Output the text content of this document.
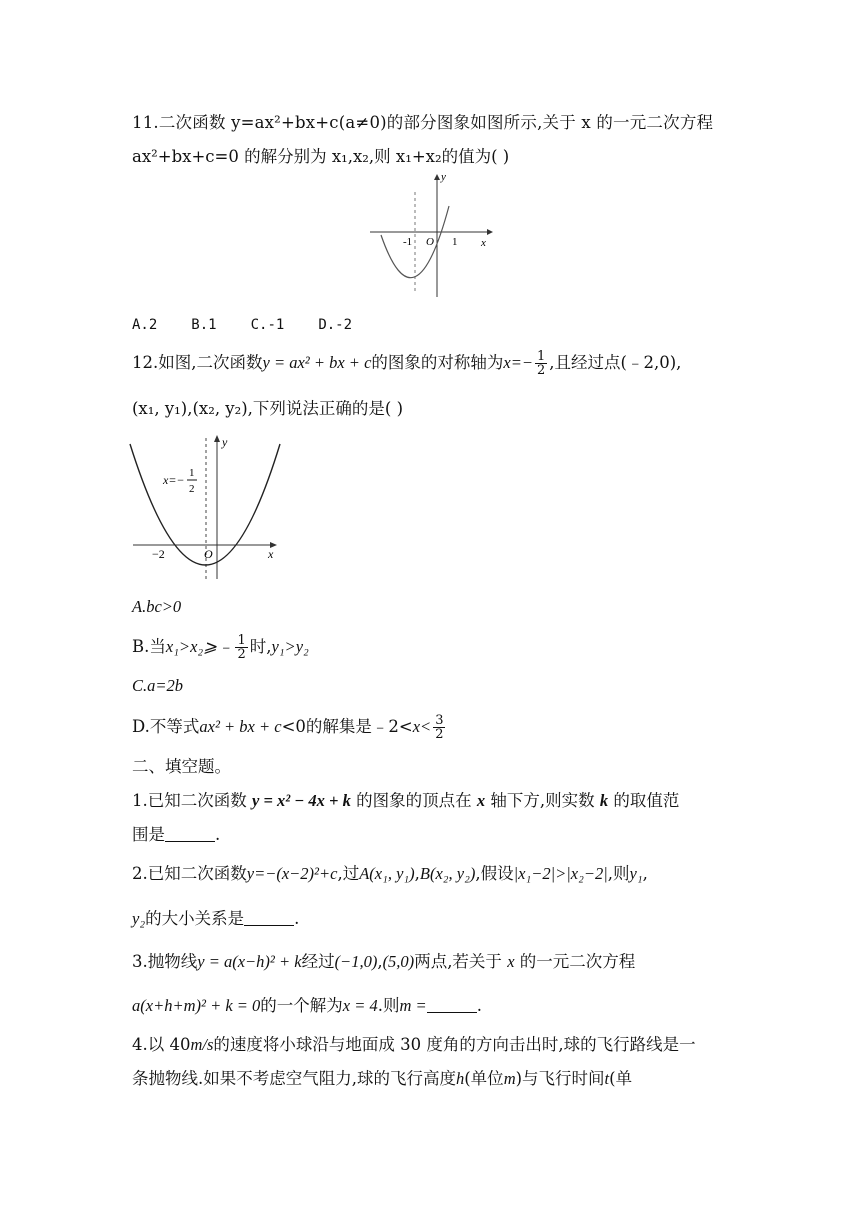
11.二次函数 y=ax²+bx+c(a≠0)的部分图象如图所示,关于 x 的一元二次方程
ax²+bx+c=0 的解分别为 x₁,x₂,则 x₁+x₂的值为( )
y
x
O
-1	1
A.2 B.1 C.-1 D.-2
12.如图,二次函数y = ax² + bx + c的图象的对称轴为$x=- \frac{1}{2}$ ,且经过点(﹣2,0),
(x₁, y₁),(x₂, y₂),下列说法正确的是( )
y
x
O
−2
x=− 1
2
A.bc>0
B.当x₁>x₂⩾﹣ $\frac{1}{2}$ 时,y₁>y₂
C.a=2b
D.不等式ax² + bx + c<0的解集是﹣2<x< $\frac{3}{2}$
二、填空题。
1.已知二次函数 y = x² − 4x + k 的图象的顶点在 x 轴下方,则实数 k 的取值范
围是	.
2.已知二次函数y=−(x−2)²+c,过A(x₁, y₁),B(x₂, y₂),假设|x₁−2|>|x₂−2|,则y₁,
y₂的大小关系是	.
3.抛物线y = a(x−h)² + k经过(−1,0),(5,0)两点,若关于 x 的一元二次方程
a(x+h+m)² + k = 0的一个解为x = 4.则m =	.
4.以 40m/s的速度将小球沿与地面成 30 度角的方向击出时,球的飞行路线是一
条抛物线.如果不考虑空气阻力,球的飞行高度h(单位m)与飞行时间t(单
